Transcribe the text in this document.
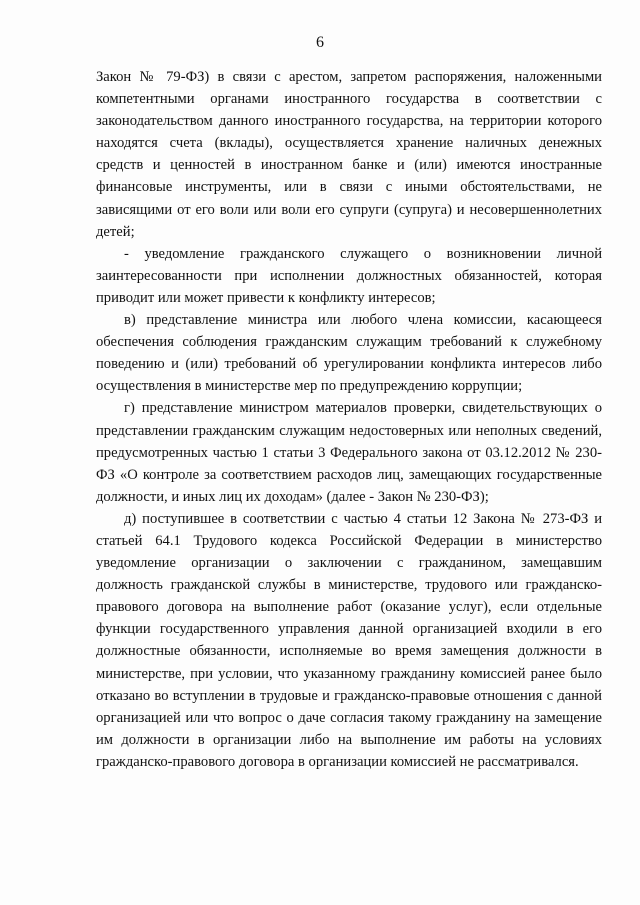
6

Закон № 79-ФЗ) в связи с арестом, запретом распоряжения, наложенными компетентными органами иностранного государства в соответствии с законодательством данного иностранного государства, на территории которого находятся счета (вклады), осуществляется хранение наличных денежных средств и ценностей в иностранном банке и (или) имеются иностранные финансовые инструменты, или в связи с иными обстоятельствами, не зависящими от его воли или воли его супруги (супруга) и несовершеннолетних детей;

- уведомление гражданского служащего о возникновении личной заинтересованности при исполнении должностных обязанностей, которая приводит или может привести к конфликту интересов;

в) представление министра или любого члена комиссии, касающееся обеспечения соблюдения гражданским служащим требований к служебному поведению и (или) требований об урегулировании конфликта интересов либо осуществления в министерстве мер по предупреждению коррупции;

г) представление министром материалов проверки, свидетельствующих о представлении гражданским служащим недостоверных или неполных сведений, предусмотренных частью 1 статьи 3 Федерального закона от 03.12.2012 № 230-ФЗ «О контроле за соответствием расходов лиц, замещающих государственные должности, и иных лиц их доходам» (далее - Закон № 230-ФЗ);

д) поступившее в соответствии с частью 4 статьи 12 Закона № 273-ФЗ и статьей 64.1 Трудового кодекса Российской Федерации в министерство уведомление организации о заключении с гражданином, замещавшим должность гражданской службы в министерстве, трудового или гражданско-правового договора на выполнение работ (оказание услуг), если отдельные функции государственного управления данной организацией входили в его должностные обязанности, исполняемые во время замещения должности в министерстве, при условии, что указанному гражданину комиссией ранее было отказано во вступлении в трудовые и гражданско-правовые отношения с данной организацией или что вопрос о даче согласия такому гражданину на замещение им должности в организации либо на выполнение им работы на условиях гражданско-правового договора в организации комиссией не рассматривался.
